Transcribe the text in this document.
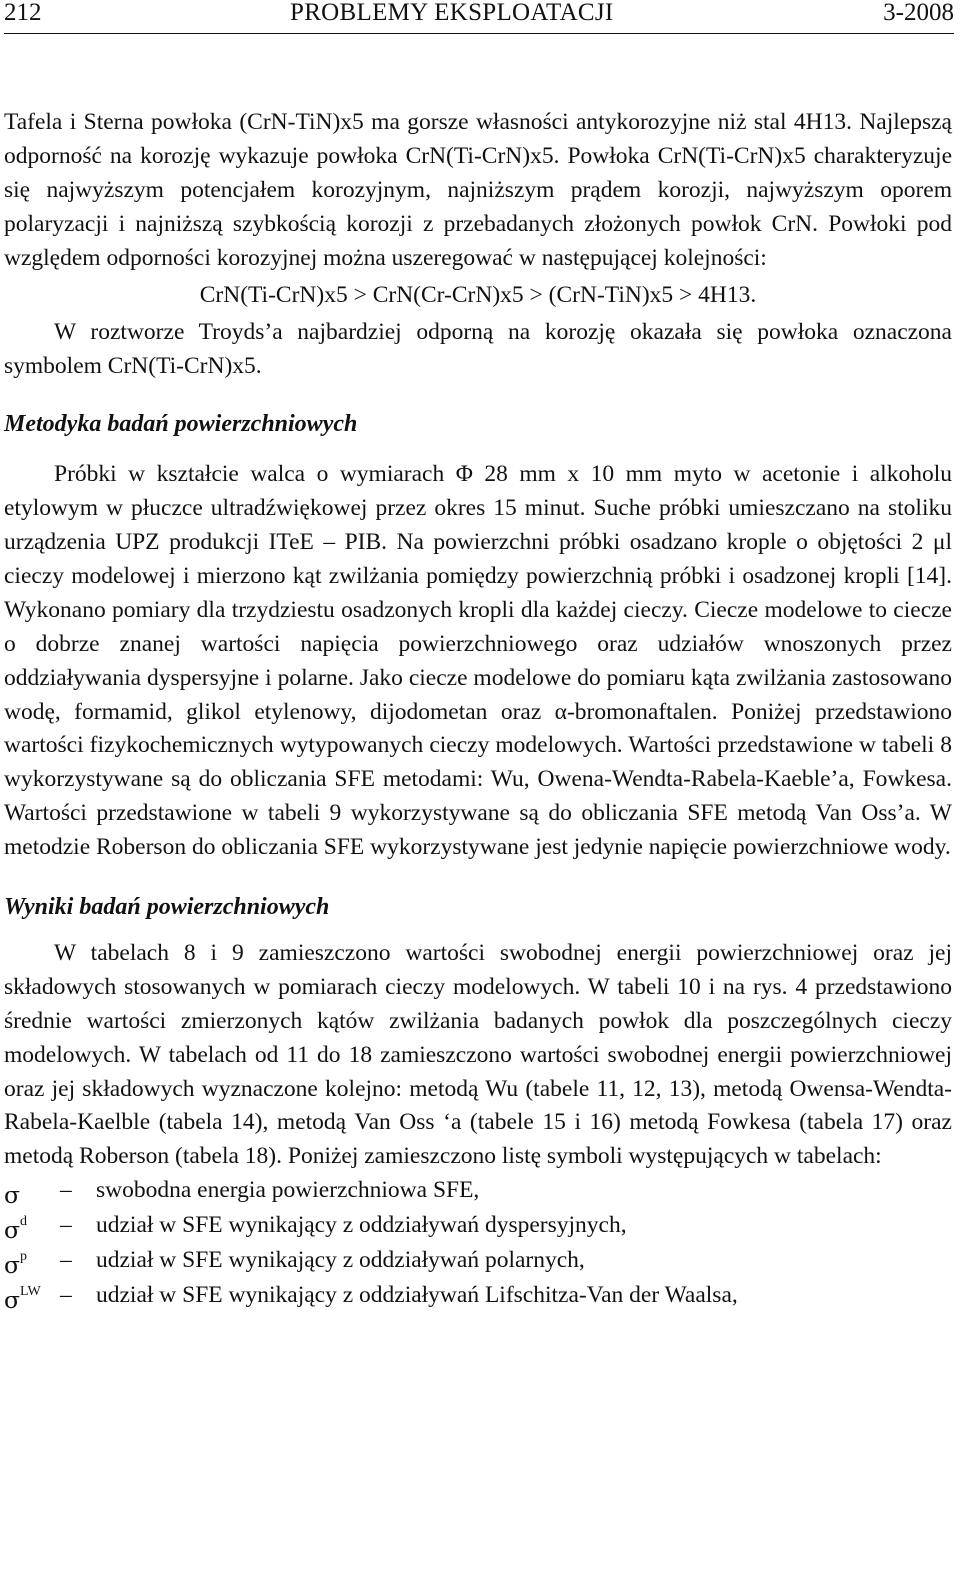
212	PROBLEMY EKSPLOATACJI	3-2008
Tafela i Sterna powłoka (CrN-TiN)x5 ma gorsze własności antykorozyjne niż stal 4H13. Najlepszą odporność na korozję wykazuje powłoka CrN(Ti-CrN)x5. Powłoka CrN(Ti-CrN)x5 charakteryzuje się najwyższym potencjałem korozyjnym, najniższym prądem korozji, najwyższym oporem polaryzacji i najniższą szybkością korozji z przebadanych złożonych powłok CrN. Powłoki pod względem odporności korozyjnej można uszeregować w następującej kolejności:
CrN(Ti-CrN)x5 > CrN(Cr-CrN)x5 > (CrN-TiN)x5 > 4H13.
W roztworze Troyds’a najbardziej odporną na korozję okazała się powłoka oznaczona symbolem CrN(Ti-CrN)x5.
Metodyka badań powierzchniowych
Próbki w kształcie walca o wymiarach Φ 28 mm x 10 mm myto w acetonie i alkoholu etylowym w płuczce ultradźwiękowej przez okres 15 minut. Suche próbki umieszczano na stoliku urządzenia UPZ produkcji ITeE – PIB. Na powierzchni próbki osadzano krople o objętości 2 μl cieczy modelowej i mierzono kąt zwilżania pomiędzy powierzchnią próbki i osadzonej kropli [14]. Wykonano pomiary dla trzydziestu osadzonych kropli dla każdej cieczy. Ciecze modelowe to ciecze o dobrze znanej wartości napięcia powierzchniowego oraz udziałów wnoszonych przez oddziaływania dyspersyjne i polarne. Jako ciecze modelowe do pomiaru kąta zwilżania zastosowano wodę, formamid, glikol etylenowy, dijodometan oraz α-bromonaftalen. Poniżej przedstawiono wartości fizykochemicznych wytypowanych cieczy modelowych. Wartości przedstawione w tabeli 8 wykorzystywane są do obliczania SFE metodami: Wu, Owena-Wendta-Rabela-Kaeble’a, Fowkesa. Wartości przedstawione w tabeli 9 wykorzystywane są do obliczania SFE metodą Van Oss’a. W metodzie Roberson do obliczania SFE wykorzystywane jest jedynie napięcie powierzchniowe wody.
Wyniki badań powierzchniowych
W tabelach 8 i 9 zamieszczono wartości swobodnej energii powierzchniowej oraz jej składowych stosowanych w pomiarach cieczy modelowych. W tabeli 10 i na rys. 4 przedstawiono średnie wartości zmierzonych kątów zwilżania badanych powłok dla poszczególnych cieczy modelowych. W tabelach od 11 do 18 zamieszczono wartości swobodnej energii powierzchniowej oraz jej składowych wyznaczone kolejno: metodą Wu (tabele 11, 12, 13), metodą Owensa-Wendta-Rabela-Kaelble (tabela 14), metodą Van Oss ‘a (tabele 15 i 16) metodą Fowkesa (tabela 17) oraz metodą Roberson (tabela 18). Poniżej zamieszczono listę symboli występujących w tabelach:
σ – swobodna energia powierzchniowa SFE,
$\sigma^d$ – udział w SFE wynikający z oddziaływań dyspersyjnych,
$\sigma^p$ – udział w SFE wynikający z oddziaływań polarnych,
$\sigma^{LW}$ – udział w SFE wynikający z oddziaływań Lifschitza-Van der Waalsa,
